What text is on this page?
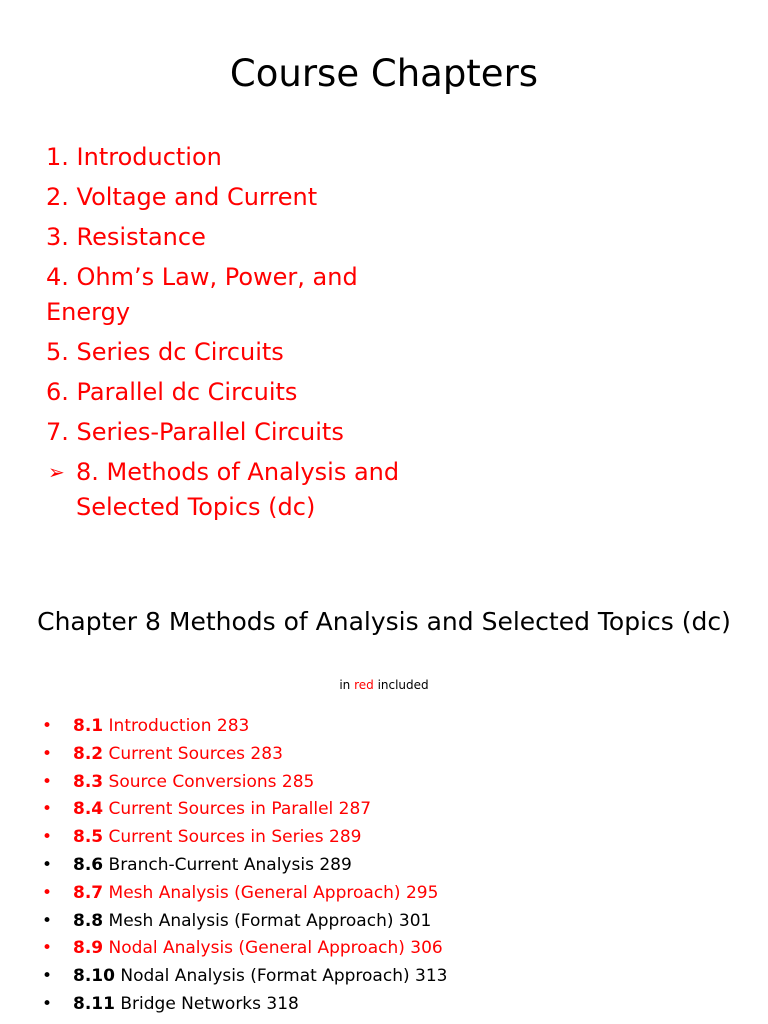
Course Chapters
1. Introduction
2. Voltage and Current
3. Resistance
4. Ohm’s Law, Power, and Energy
5. Series dc Circuits
6. Parallel dc Circuits
7. Series-Parallel Circuits
➢ 8. Methods of Analysis and Selected Topics (dc)
Chapter 8 Methods of Analysis and Selected Topics (dc)
in red included
• 8.1 Introduction 283
• 8.2 Current Sources 283
• 8.3 Source Conversions 285
• 8.4 Current Sources in Parallel 287
• 8.5 Current Sources in Series 289
• 8.6 Branch-Current Analysis 289
• 8.7 Mesh Analysis (General Approach) 295
• 8.8 Mesh Analysis (Format Approach) 301
• 8.9 Nodal Analysis (General Approach) 306
• 8.10 Nodal Analysis (Format Approach) 313
• 8.11 Bridge Networks 318
